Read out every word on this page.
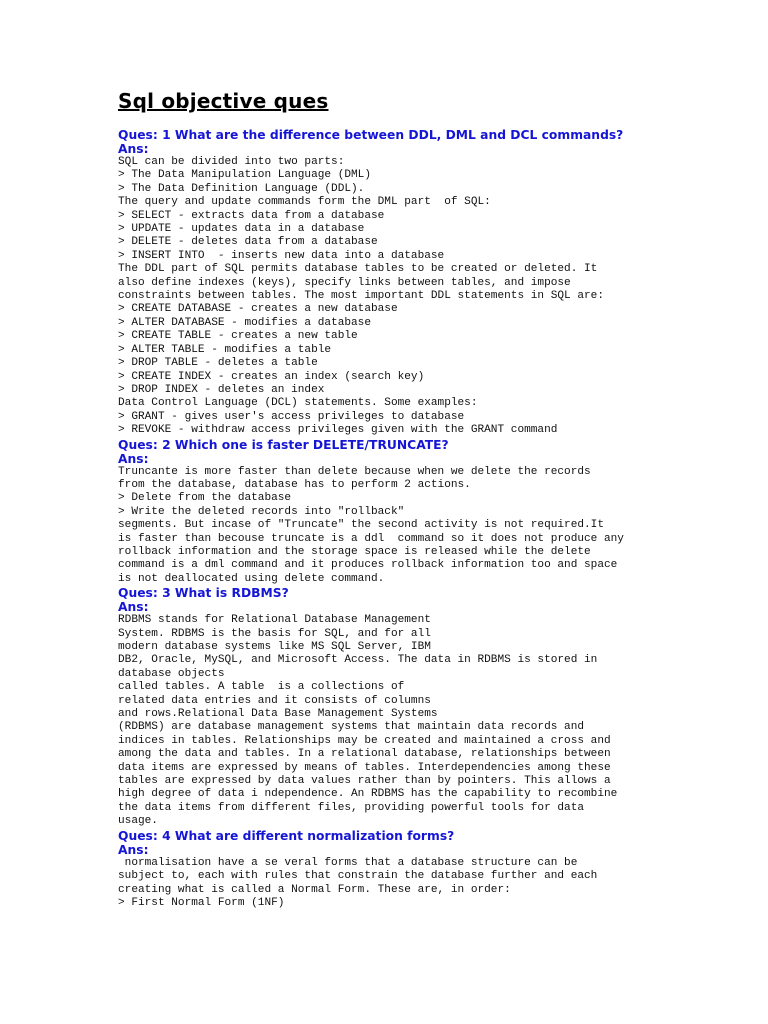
Sql objective ques
Ques: 1 What are the difference between DDL, DML and DCL commands?
Ans:
SQL can be divided into two parts:
> The Data Manipulation Language (DML)
> The Data Definition Language (DDL).
The query and update commands form the DML part  of SQL:
> SELECT - extracts data from a database
> UPDATE - updates data in a database
> DELETE - deletes data from a database
> INSERT INTO  - inserts new data into a database
The DDL part of SQL permits database tables to be created or deleted. It
also define indexes (keys), specify links between tables, and impose
constraints between tables. The most important DDL statements in SQL are:
> CREATE DATABASE - creates a new database
> ALTER DATABASE - modifies a database
> CREATE TABLE - creates a new table
> ALTER TABLE - modifies a table
> DROP TABLE - deletes a table
> CREATE INDEX - creates an index (search key)
> DROP INDEX - deletes an index
Data Control Language (DCL) statements. Some examples:
> GRANT - gives user's access privileges to database
> REVOKE - withdraw access privileges given with the GRANT command
Ques: 2 Which one is faster DELETE/TRUNCATE?
Ans:
Truncante is more faster than delete because when we delete the records
from the database, database has to perform 2 actions.
> Delete from the database
> Write the deleted records into "rollback"
segments. But incase of "Truncate" the second activity is not required.It
is faster than becouse truncate is a ddl  command so it does not produce any
rollback information and the storage space is released while the delete
command is a dml command and it produces rollback information too and space
is not deallocated using delete command.
Ques: 3 What is RDBMS?
Ans:
RDBMS stands for Relational Database Management
System. RDBMS is the basis for SQL, and for all
modern database systems like MS SQL Server, IBM
DB2, Oracle, MySQL, and Microsoft Access. The data in RDBMS is stored in
database objects
called tables. A table  is a collections of
related data entries and it consists of columns
and rows.Relational Data Base Management Systems
(RDBMS) are database management systems that maintain data records and
indices in tables. Relationships may be created and maintained a cross and
among the data and tables. In a relational database, relationships between
data items are expressed by means of tables. Interdependencies among these
tables are expressed by data values rather than by pointers. This allows a
high degree of data i ndependence. An RDBMS has the capability to recombine
the data items from different files, providing powerful tools for data
usage.
Ques: 4 What are different normalization forms?
Ans:
normalisation have a se veral forms that a database structure can be
subject to, each with rules that constrain the database further and each
creating what is called a Normal Form. These are, in order:
> First Normal Form (1NF)
